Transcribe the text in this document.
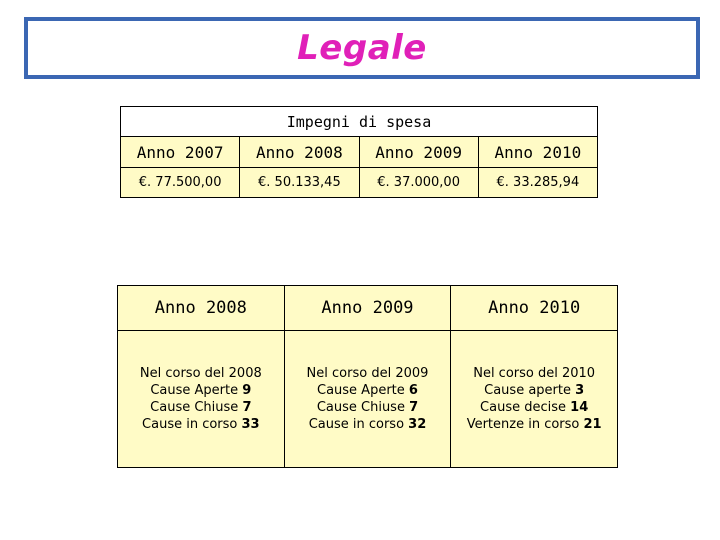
Legale
Impegni di spesa			
Anno 2007	Anno 2008	Anno 2009	Anno 2010
€. 77.500,00	€. 50.133,45	€. 37.000,00	€. 33.285,94
Anno 2008	Anno 2009	Anno 2010

Nel corso del 2008
Cause Aperte 9
Cause Chiuse 7
Cause in corso 33	Nel corso del 2009
Cause Aperte 6
Cause Chiuse 7
Cause in corso 32	Nel corso del 2010
Cause aperte 3
Cause decise 14
Vertenze in corso 21
